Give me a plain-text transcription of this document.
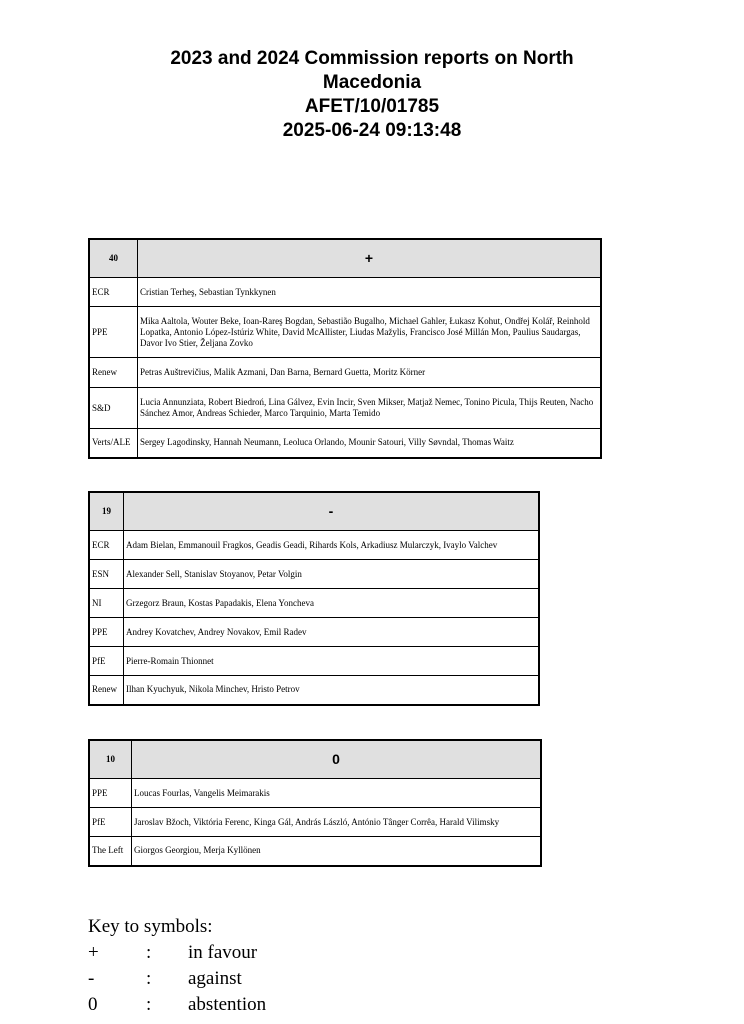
2023 and 2024 Commission reports on North
Macedonia
AFET/10/01785
2025-06-24 09:13:48
40	+
ECR	Cristian Terheş, Sebastian Tynkkynen
PPE	Mika Aaltola, Wouter Beke, Ioan-Rareş Bogdan, Sebastião Bugalho, Michael Gahler, Łukasz Kohut, Ondřej Kolář, Reinhold Lopatka, Antonio López-Istúriz White, David McAllister, Liudas Mažylis, Francisco José Millán Mon, Paulius Saudargas, Davor Ivo Stier, Željana Zovko
Renew	Petras Auštrevičius, Malik Azmani, Dan Barna, Bernard Guetta, Moritz Körner
S&D	Lucia Annunziata, Robert Biedroń, Lina Gálvez, Evin Incir, Sven Mikser, Matjaž Nemec, Tonino Picula, Thijs Reuten, Nacho Sánchez Amor, Andreas Schieder, Marco Tarquinio, Marta Temido
Verts/ALE	Sergey Lagodinsky, Hannah Neumann, Leoluca Orlando, Mounir Satouri, Villy Søvndal, Thomas Waitz
19	-
ECR	Adam Bielan, Emmanouil Fragkos, Geadis Geadi, Rihards Kols, Arkadiusz Mularczyk, Ivaylo Valchev
ESN	Alexander Sell, Stanislav Stoyanov, Petar Volgin
NI	Grzegorz Braun, Kostas Papadakis, Elena Yoncheva
PPE	Andrey Kovatchev, Andrey Novakov, Emil Radev
PfE	Pierre-Romain Thionnet
Renew	Ilhan Kyuchyuk, Nikola Minchev, Hristo Petrov
10	0
PPE	Loucas Fourlas, Vangelis Meimarakis
PfE	Jaroslav Bžoch, Viktória Ferenc, Kinga Gál, András László, António Tânger Corrêa, Harald Vilimsky
The Left	Giorgos Georgiou, Merja Kyllönen
Key to symbols:
+ : in favour
-	: against
0	: abstention
